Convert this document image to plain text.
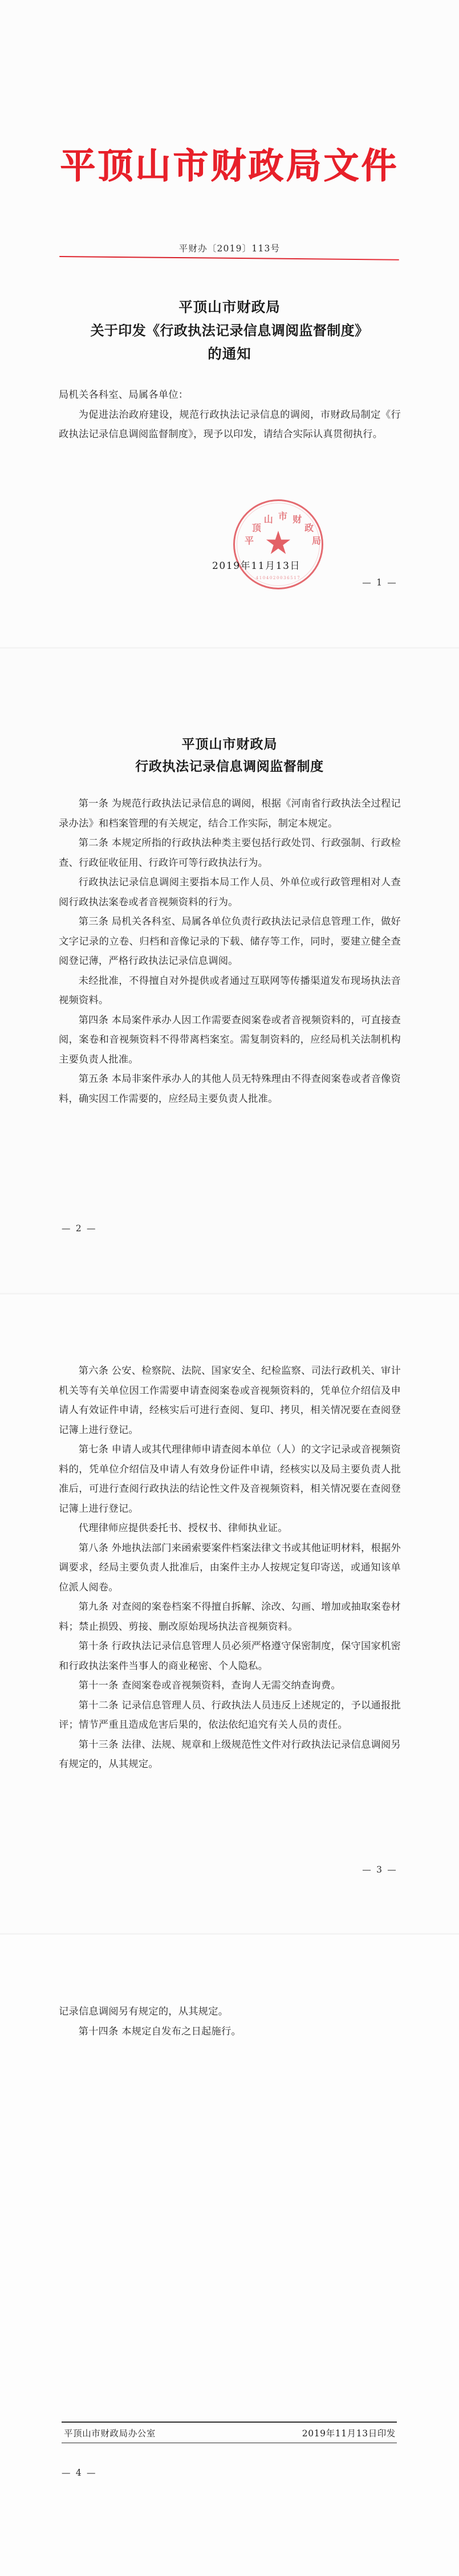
平顶山市财政局文件
平财办〔2019〕113号
平顶山市财政局
关于印发《行政执法记录信息调阅监督制度》
的通知

局机关各科室、局属各单位：

为促进法治政府建设，规范行政执法记录信息的调阅，市财政局制定《行政执法记录信息调阅监督制度》，现予以印发，请结合实际认真贯彻执行。

平
顶
山 市 财
政
局
4104020036517
2019年11月13日
— 1 —
平顶山市财政局
行政执法记录信息调阅监督制度

第一条 为规范行政执法记录信息的调阅，根据《河南省行政执法全过程记录办法》和档案管理的有关规定，结合工作实际，制定本规定。

第二条 本规定所指的行政执法种类主要包括行政处罚、行政强制、行政检查、行政征收征用、行政许可等行政执法行为。

行政执法记录信息调阅主要指本局工作人员、外单位或行政管理相对人查阅行政执法案卷或者音视频资料的行为。

第三条 局机关各科室、局属各单位负责行政执法记录信息管理工作，做好文字记录的立卷、归档和音像记录的下载、储存等工作，同时，要建立健全查阅登记薄，严格行政执法记录信息调阅。

未经批准，不得擅自对外提供或者通过互联网等传播渠道发布现场执法音视频资料。

第四条 本局案件承办人因工作需要查阅案卷或者音视频资料的，可直接查阅，案卷和音视频资料不得带离档案室。需复制资料的，应经局机关法制机构主要负责人批准。

第五条 本局非案件承办人的其他人员无特殊理由不得查阅案卷或者音像资料，确实因工作需要的，应经局主要负责人批准。

— 2 —

第六条 公安、检察院、法院、国家安全、纪检监察、司法行政机关、审计机关等有关单位因工作需要申请查阅案卷或音视频资料的，凭单位介绍信及申请人有效证件申请，经核实后可进行查阅、复印、拷贝，相关情况要在查阅登记簿上进行登记。

第七条 申请人或其代理律师申请查阅本单位（人）的文字记录或音视频资料的，凭单位介绍信及申请人有效身份证件申请，经核实以及局主要负责人批准后，可进行查阅行政执法的结论性文件及音视频资料，相关情况要在查阅登记簿上进行登记。

代理律师应提供委托书、授权书、律师执业证。

第八条 外地执法部门来函索要案件档案法律文书或其他证明材料，根据外调要求，经局主要负责人批准后，由案件主办人按规定复印寄送，或通知该单位派人阅卷。

第九条 对查阅的案卷档案不得擅自拆解、涂改、勾画、增加或抽取案卷材料；禁止损毁、剪接、删改原始现场执法音视频资料。

第十条 行政执法记录信息管理人员必须严格遵守保密制度，保守国家机密和行政执法案件当事人的商业秘密、个人隐私。

第十一条 查阅案卷或音视频资料，查询人无需交纳查询费。

第十二条 记录信息管理人员、行政执法人员违反上述规定的，予以通报批评；情节严重且造成危害后果的，依法依纪追究有关人员的责任。

第十三条 法律、法规、规章和上级规范性文件对行政执法记录信息调阅另有规定的，从其规定。

— 3 —

记录信息调阅另有规定的，从其规定。

第十四条 本规定自发布之日起施行。

平顶山市财政局办公室	2019年11月13日印发
— 4 —
